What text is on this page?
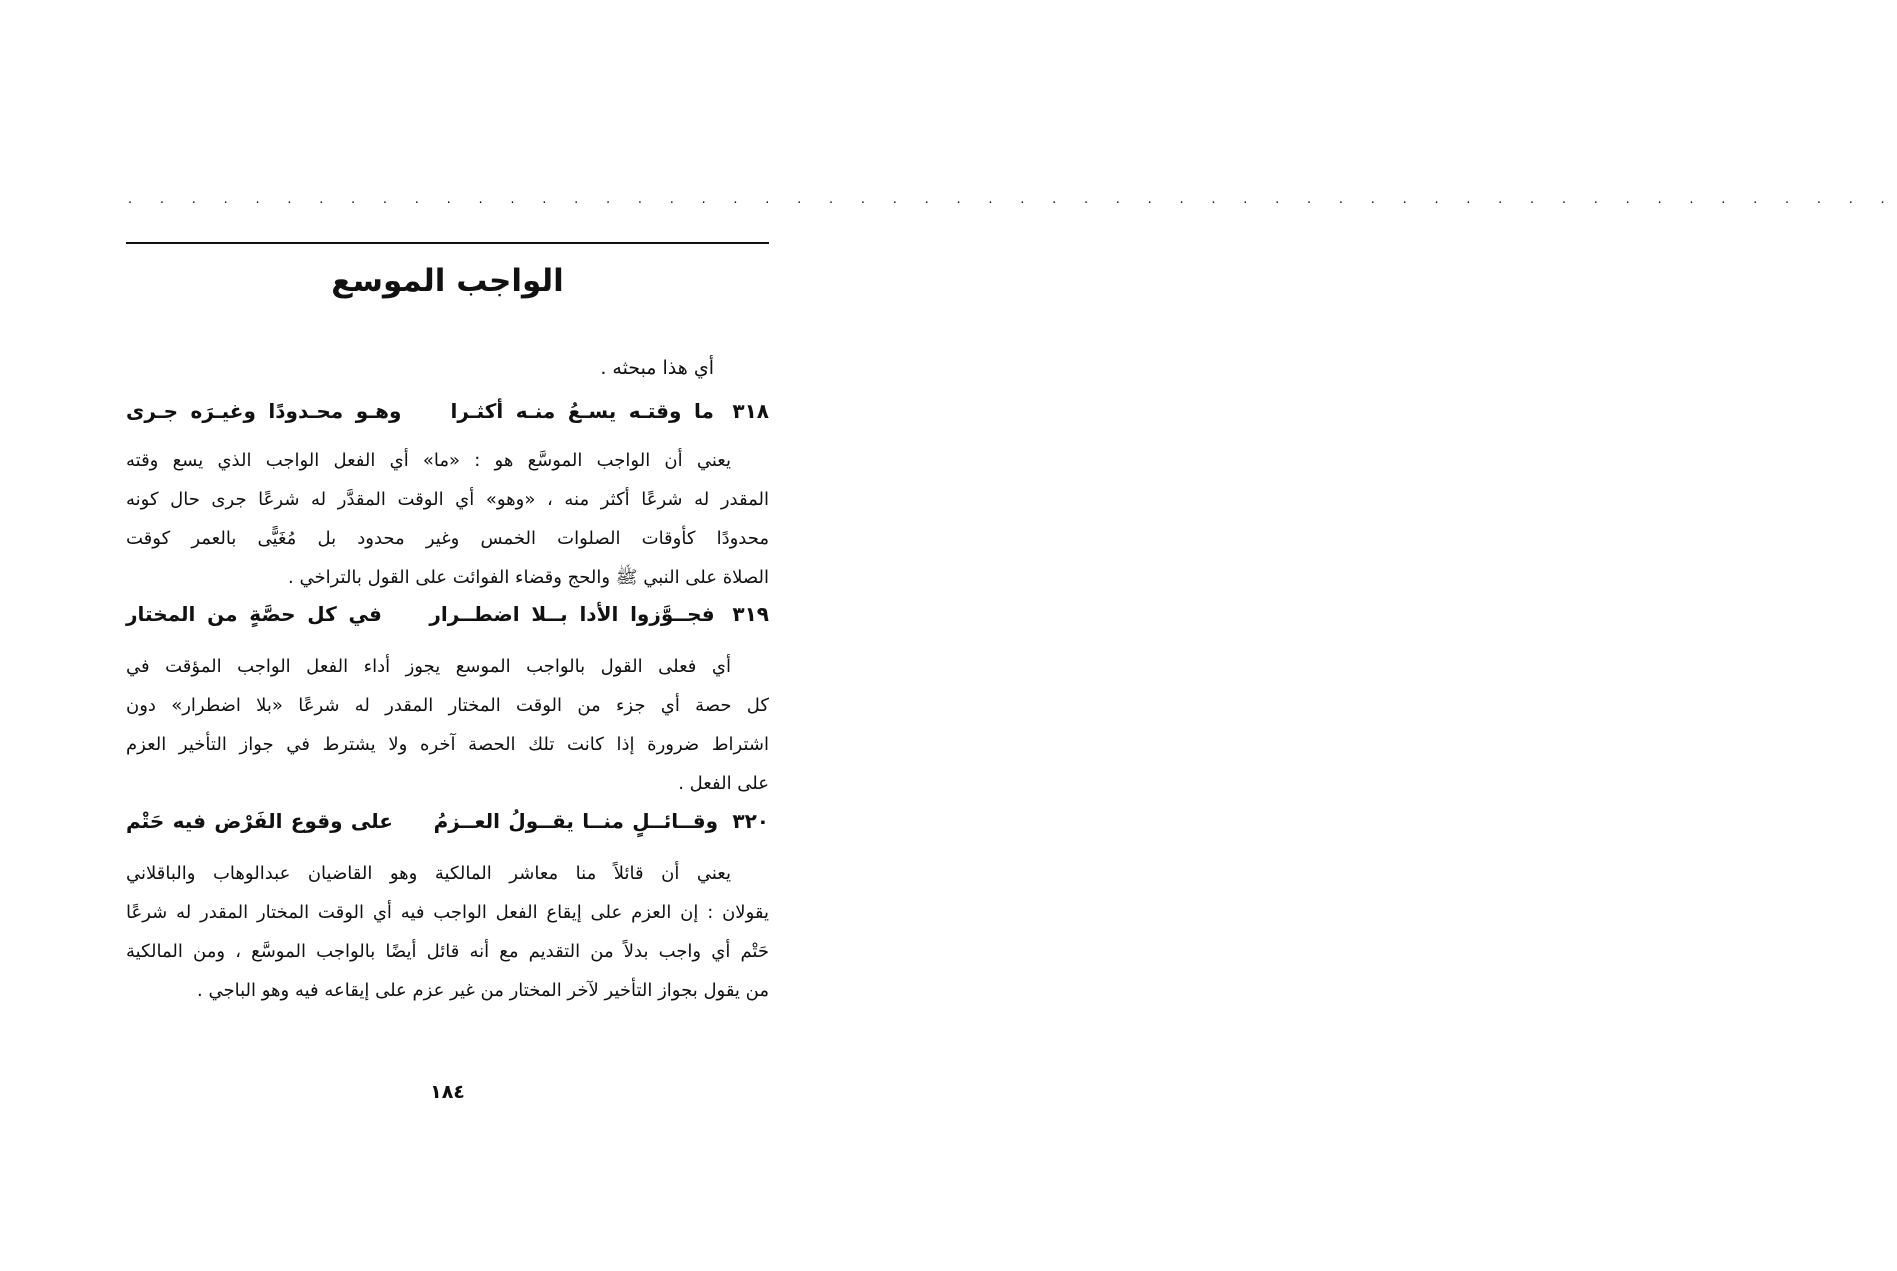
. . . . . . . . . . . . . . . . . . . . . . . . . . . . . . . . . . . . . . . . . . . . . . . . . . . . . . . .
الواجب الموسع
أي هذا مبحثه .
٣١٨ ما وقتـه يسـعُ منـه أكثـرا  وهـو محـدودًا وغيـرَه جـرى
يعني أن الواجب الموسَّع هو : «ما» أي الفعل الواجب الذي يسع وقته
المقدر له شرعًا أكثر منه ، «وهو» أي الوقت المقدَّر له شرعًا جرى حال كونه
محدودًا كأوقات الصلوات الخمس وغير محدود بل مُغَيًّى بالعمر كوقت
الصلاة على النبي ﷺ والحج وقضاء الفوائت على القول بالتراخي .
٣١٩ فجــوَّزوا الأدا بــلا اضطــرار  في كل حصَّةٍ من المختار
أي فعلى القول بالواجب الموسع يجوز أداء الفعل الواجب المؤقت في
كل حصة أي جزء من الوقت المختار المقدر له شرعًا «بلا اضطرار» دون
اشتراط ضرورة إذا كانت تلك الحصة آخره ولا يشترط في جواز التأخير العزم
على الفعل .
٣٢٠ وقــائــلٍ منــا يقــولُ العــزمُ  على وقوع الفَرْض فيه حَتْم
يعني أن قائلاً منا معاشر المالكية وهو القاضيان عبدالوهاب والباقلاني
يقولان : إن العزم على إيقاع الفعل الواجب فيه أي الوقت المختار المقدر له شرعًا
حَتْم أي واجب بدلاً من التقديم مع أنه قائل أيضًا بالواجب الموسَّع ، ومن المالكية
من يقول بجواز التأخير لآخر المختار من غير عزم على إيقاعه فيه وهو الباجي .
١٨٤
